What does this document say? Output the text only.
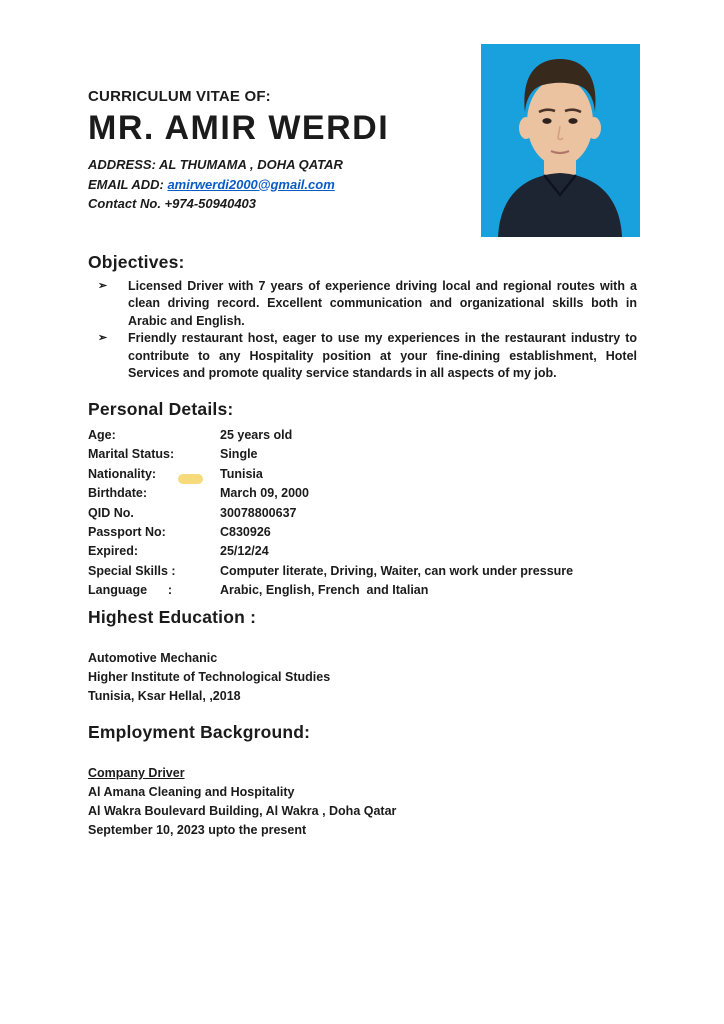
CURRICULUM VITAE OF:
MR. AMIR WERDI
ADDRESS: AL THUMAMA , DOHA QATAR
EMAIL ADD: amirwerdi2000@gmail.com
Contact No. +974-50940403
Objectives:
➢ Licensed Driver with 7 years of experience driving local and regional routes with a clean driving record. Excellent communication and organizational skills both in Arabic and English.
➢ Friendly restaurant host, eager to use my experiences in the restaurant industry to contribute to any Hospitality position at your fine-dining establishment, Hotel Services and promote quality service standards in all aspects of my job.
Personal Details:
Age:	25 years old
Marital Status:	Single
Nationality:	Tunisia
Birthdate:	March 09, 2000
QID No.	30078800637
Passport No:	C830926
Expired:	25/12/24
Special Skills :	Computer literate, Driving, Waiter, can work under pressure
Language      :	Arabic, English, French  and Italian
Highest Education :
Automotive Mechanic
Higher Institute of Technological Studies
Tunisia, Ksar Hellal, ,2018
Employment Background:
Company Driver
Al Amana Cleaning and Hospitality
Al Wakra Boulevard Building, Al Wakra , Doha Qatar
September 10, 2023 upto the present
